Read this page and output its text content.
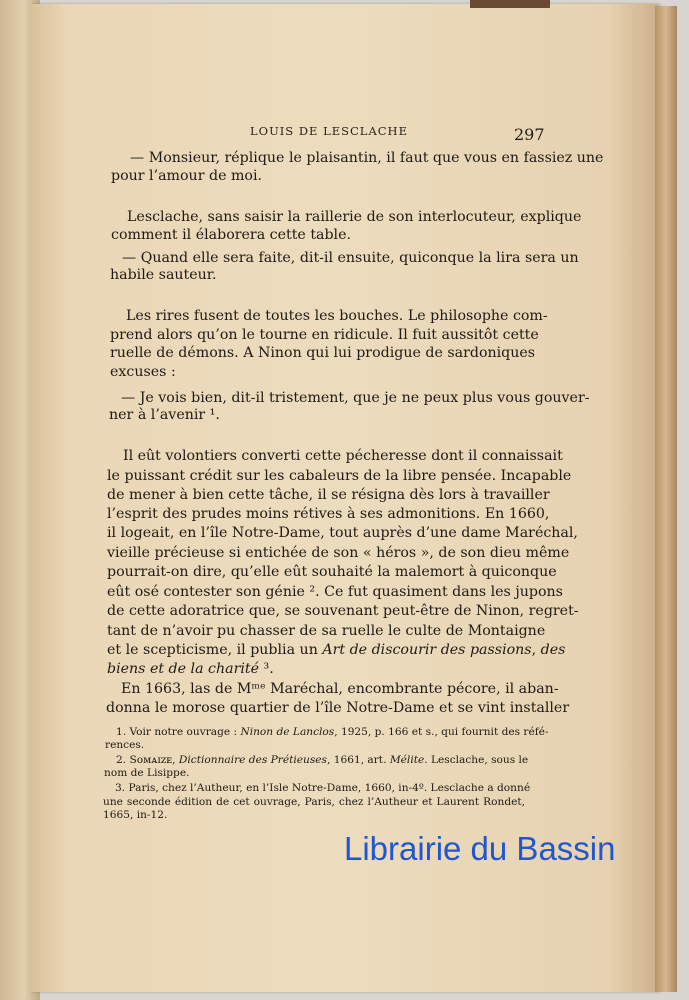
LOUIS DE LESCLACHE	297
— Monsieur, réplique le plaisantin, il faut que vous en fassiez une
pour l’amour de moi.
Lesclache, sans saisir la raillerie de son interlocuteur, explique
comment il élaborera cette table.
— Quand elle sera faite, dit-il ensuite, quiconque la lira sera un
habile sauteur.
Les rires fusent de toutes les bouches. Le philosophe com-
prend alors qu’on le tourne en ridicule. Il fuit aussitôt cette
ruelle de démons. A Ninon qui lui prodigue de sardoniques
excuses :
— Je vois bien, dit-il tristement, que je ne peux plus vous gouver-
ner à l’avenir ¹.
Il eût volontiers converti cette pécheresse dont il connaissait
le puissant crédit sur les cabaleurs de la libre pensée. Incapable
de mener à bien cette tâche, il se résigna dès lors à travailler
l’esprit des prudes moins rétives à ses admonitions. En 1660,
il logeait, en l’île Notre-Dame, tout auprès d’une dame Maréchal,
vieille précieuse si entichée de son « héros », de son dieu même
pourrait-on dire, qu’elle eût souhaité la malemort à quiconque
eût osé contester son génie ². Ce fut quasiment dans les jupons
de cette adoratrice que, se souvenant peut-être de Ninon, regret-
tant de n’avoir pu chasser de sa ruelle le culte de Montaigne
et le scepticisme, il publia un Art de discourir des passions, des
biens et de la charité ³.
En 1663, las de Mᵐᵉ Maréchal, encombrante pécore, il aban-
donna le morose quartier de l’île Notre-Dame et se vint installer
1. Voir notre ouvrage : Ninon de Lanclos, 1925, p. 166 et s., qui fournit des réfé-
rences.
2. Sᴏᴍᴀɪᴢᴇ, Dictionnaire des Prétieuses, 1661, art. Mélite. Lesclache, sous le
nom de Lisippe.
3. Paris, chez l’Autheur, en l’Isle Notre-Dame, 1660, in-4º. Lesclache a donné
une seconde édition de cet ouvrage, Paris, chez l’Autheur et Laurent Rondet,
1665, in-12.
Librairie du Bassin
